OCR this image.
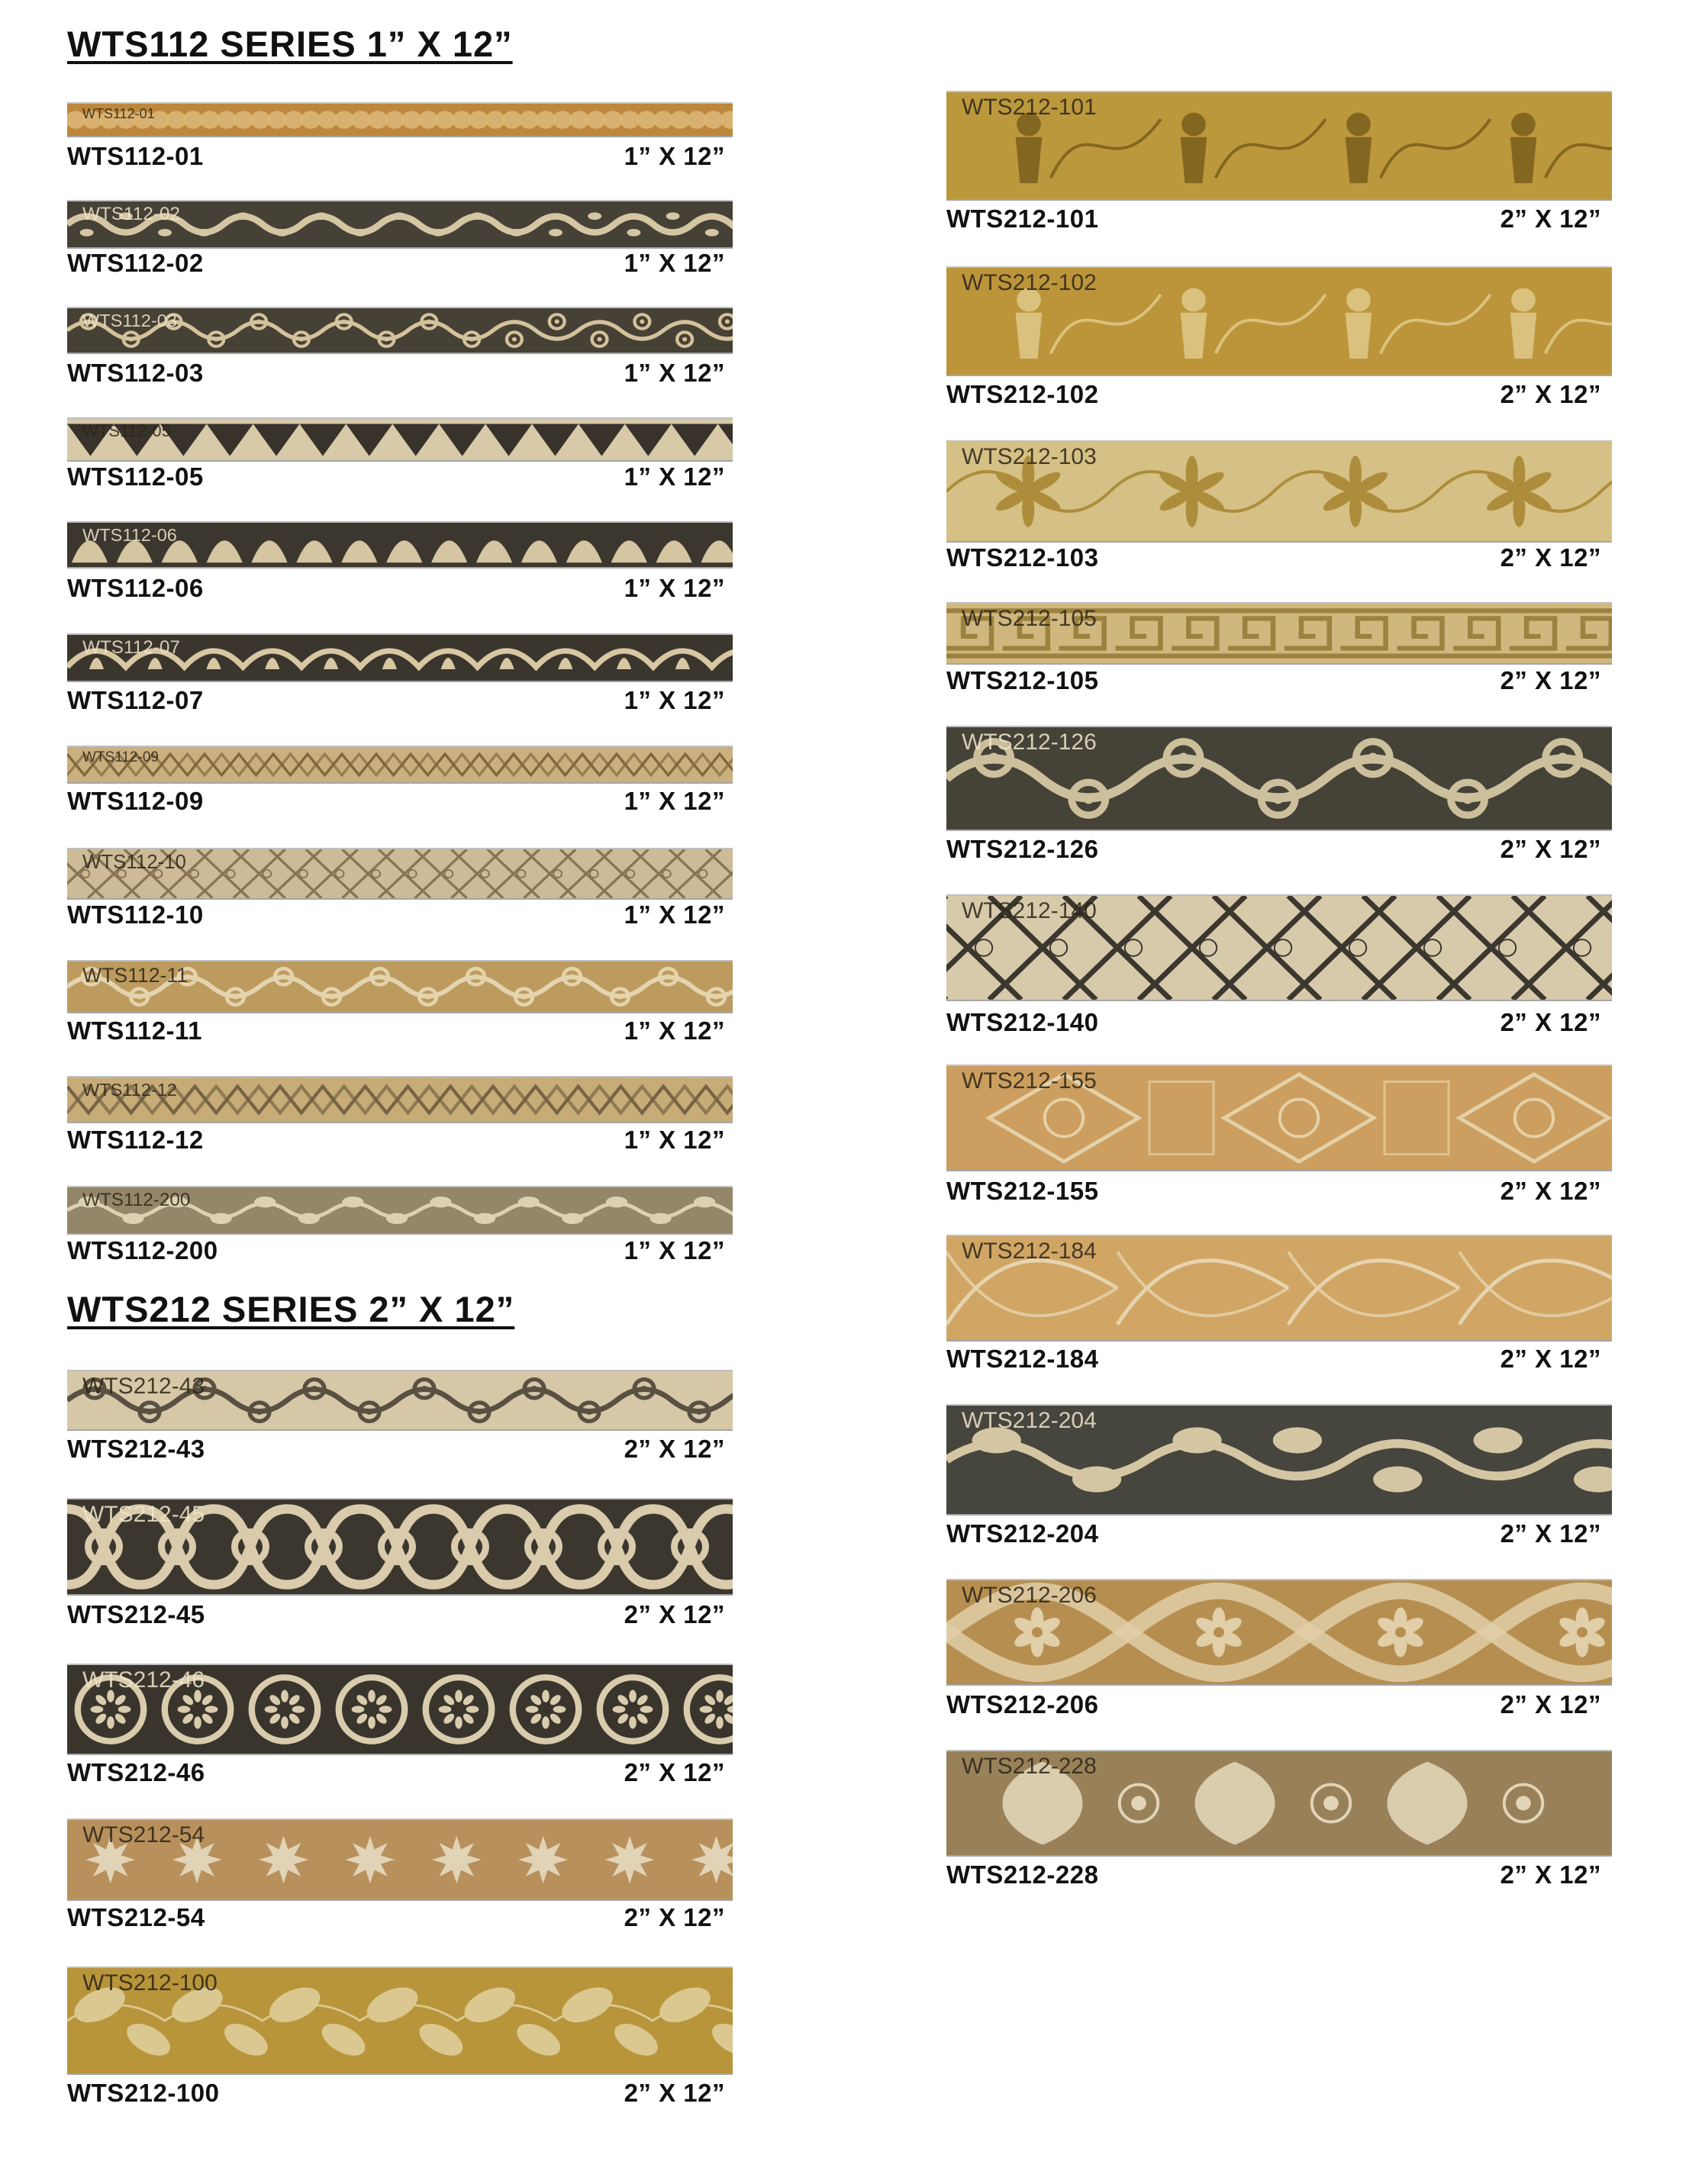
WTS112 SERIES 1” X 12”
WTS212 SERIES 2” X 12”
WTS112-01
WTS112-01	1” X 12”
WTS112-02
WTS112-02	1” X 12”
WTS112-03
WTS112-03	1” X 12”
WTS112-05
WTS112-05	1” X 12”
WTS112-06
WTS112-06	1” X 12”
WTS112-07
WTS112-07	1” X 12”
WTS112-09
WTS112-09	1” X 12”
WTS112-10
WTS112-10	1” X 12”
WTS112-11
WTS112-11	1” X 12”
WTS112-12
WTS112-12	1” X 12”
WTS112-200
WTS112-200	1” X 12”
WTS212-43
WTS212-43	2” X 12”
WTS212-45
WTS212-45	2” X 12”
WTS212-46
WTS212-46	2” X 12”
WTS212-54
WTS212-54	2” X 12”
WTS212-100
WTS212-100	2” X 12”
WTS212-101
WTS212-101	2” X 12”
WTS212-102
WTS212-102	2” X 12”
WTS212-103
WTS212-103	2” X 12”
WTS212-105
WTS212-105	2” X 12”
WTS212-126
WTS212-126	2” X 12”
WTS212-140
WTS212-140	2” X 12”
WTS212-155
WTS212-155	2” X 12”
WTS212-184
WTS212-184	2” X 12”
WTS212-204
WTS212-204	2” X 12”
WTS212-206
WTS212-206	2” X 12”
WTS212-228
WTS212-228	2” X 12”
